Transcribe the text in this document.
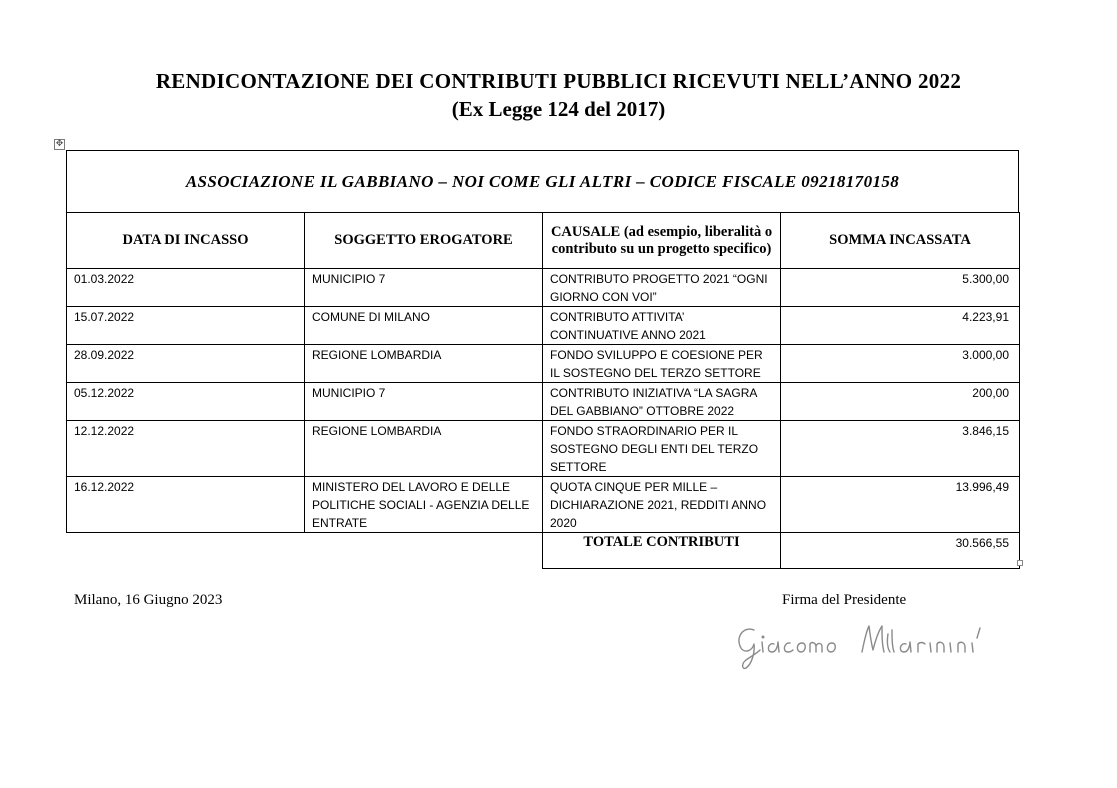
RENDICONTAZIONE DEI CONTRIBUTI PUBBLICI RICEVUTI NELL’ANNO 2022
(Ex Legge 124 del 2017)
✥
ASSOCIAZIONE IL GABBIANO – NOI COME GLI ALTRI – CODICE FISCALE 09218170158
DATA DI INCASSO	SOGGETTO EROGATORE	CAUSALE (ad esempio, liberalità o contributo su un progetto specifico)	SOMMA INCASSATA
01.03.2022	MUNICIPIO 7	CONTRIBUTO PROGETTO 2021 “OGNI GIORNO CON VOI”	5.300,00
15.07.2022	COMUNE DI MILANO	CONTRIBUTO ATTIVITA’ CONTINUATIVE ANNO 2021	4.223,91
28.09.2022	REGIONE LOMBARDIA	FONDO SVILUPPO E COESIONE PER IL SOSTEGNO DEL TERZO SETTORE	3.000,00
05.12.2022	MUNICIPIO 7	CONTRIBUTO INIZIATIVA “LA SAGRA DEL GABBIANO” OTTOBRE 2022	200,00
12.12.2022	REGIONE LOMBARDIA	FONDO STRAORDINARIO PER IL SOSTEGNO DEGLI ENTI DEL TERZO SETTORE	3.846,15
16.12.2022	MINISTERO DEL LAVORO E DELLE POLITICHE SOCIALI - AGENZIA DELLE ENTRATE	QUOTA CINQUE PER MILLE – DICHIARAZIONE 2021, REDDITI ANNO 2020	13.996,49
		TOTALE CONTRIBUTI	30.566,55
Milano, 16 Giugno 2023	Firma del Presidente
